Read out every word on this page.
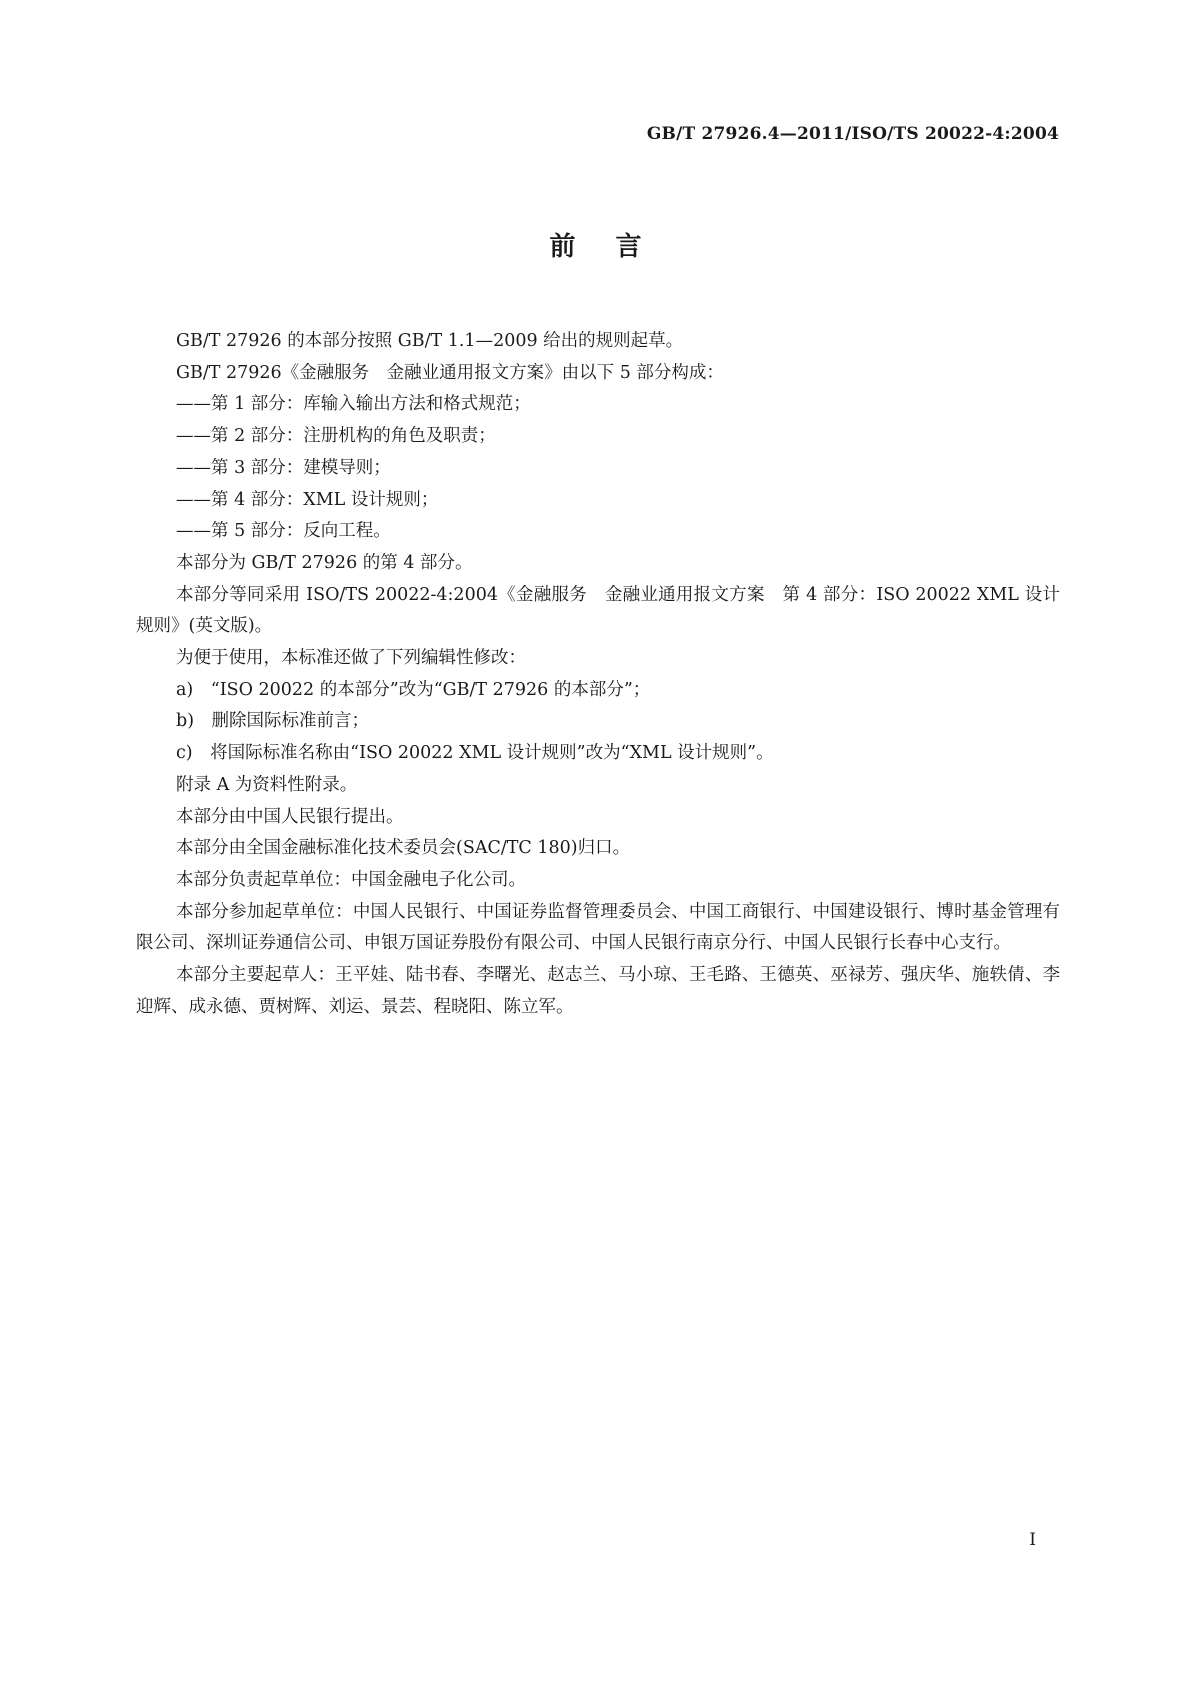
GB/T 27926.4—2011/ISO/TS 20022-4:2004
前言

GB/T 27926 的本部分按照 GB/T 1.1—2009 给出的规则起草。

GB/T 27926《金融服务　金融业通用报文方案》由以下 5 部分构成：

——第 1 部分：库输入输出方法和格式规范；

——第 2 部分：注册机构的角色及职责；

——第 3 部分：建模导则；

——第 4 部分：XML 设计规则；

——第 5 部分：反向工程。

本部分为 GB/T 27926 的第 4 部分。

本部分等同采用 ISO/TS 20022-4:2004《金融服务　金融业通用报文方案　第 4 部分：ISO 20022 XML 设计规则》(英文版)。

为便于使用，本标准还做了下列编辑性修改：

a)　“ISO 20022 的本部分”改为“GB/T 27926 的本部分”；

b)　删除国际标准前言；

c)　将国际标准名称由“ISO 20022 XML 设计规则”改为“XML 设计规则”。

附录 A 为资料性附录。

本部分由中国人民银行提出。

本部分由全国金融标准化技术委员会(SAC/TC 180)归口。

本部分负责起草单位：中国金融电子化公司。

本部分参加起草单位：中国人民银行、中国证券监督管理委员会、中国工商银行、中国建设银行、博时基金管理有限公司、深圳证券通信公司、申银万国证券股份有限公司、中国人民银行南京分行、中国人民银行长春中心支行。

本部分主要起草人：王平娃、陆书春、李曙光、赵志兰、马小琼、王毛路、王德英、巫禄芳、强庆华、施轶倩、李迎辉、成永德、贾树辉、刘运、景芸、程晓阳、陈立军。

I
